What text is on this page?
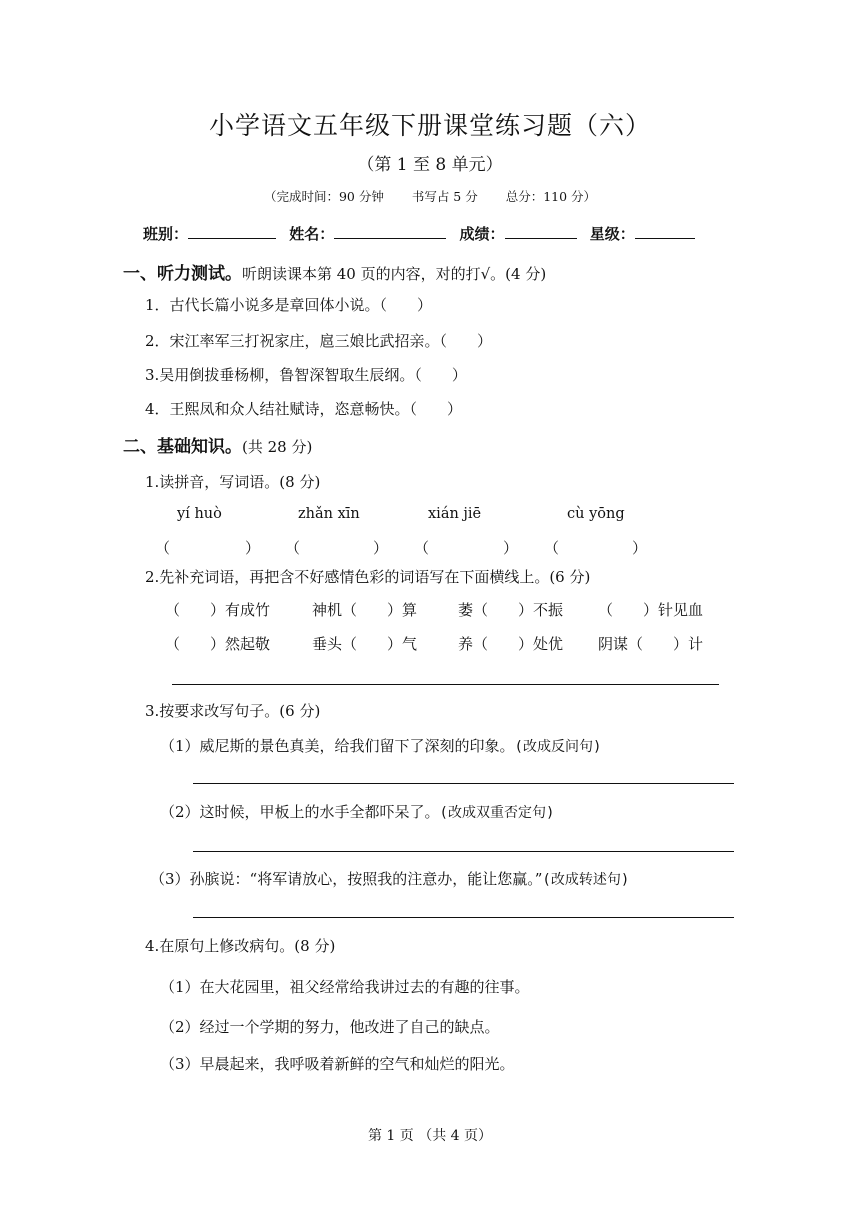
小学语文五年级下册课堂练习题（六）
（第 1 至 8 单元）
（完成时间：90 分钟 书写占 5 分 总分：110 分）
班别：	姓名：	成绩：	星级：
一、听力测试。听朗读课本第 40 页的内容，对的打√。(4 分)
1．古代长篇小说多是章回体小说。（　　）
2．宋江率军三打祝家庄，扈三娘比武招亲。（　　）
3.吴用倒拔垂杨柳，鲁智深智取生辰纲。（　　）
4．王熙凤和众人结社赋诗，恣意畅快。（　　）
二、基础知识。(共 28 分)
1.读拼音，写词语。(8 分)
yí huò	zhǎn xīn	xián jiē	cù yōng
（	） （	） （	） （	）
2.先补充词语，再把含不好感情色彩的词语写在下面横线上。(6 分)
（　　）有成竹	神机（　　）算	萎（　　）不振 （　　）针见血
（　　）然起敬	垂头（　　）气	养（　　）处优 阴谋（　　）计
3.按要求改写句子。(6 分)
（1）威尼斯的景色真美，给我们留下了深刻的印象。(改成反问句)
（2）这时候，甲板上的水手全都吓呆了。(改成双重否定句)
（3）孙膑说：“将军请放心，按照我的注意办，能让您赢。”(改成转述句)
4.在原句上修改病句。(8 分)
（1）在大花园里，祖父经常给我讲过去的有趣的往事。
（2）经过一个学期的努力，他改进了自己的缺点。
（3）早晨起来，我呼吸着新鲜的空气和灿烂的阳光。
第 1 页 （共 4 页）
